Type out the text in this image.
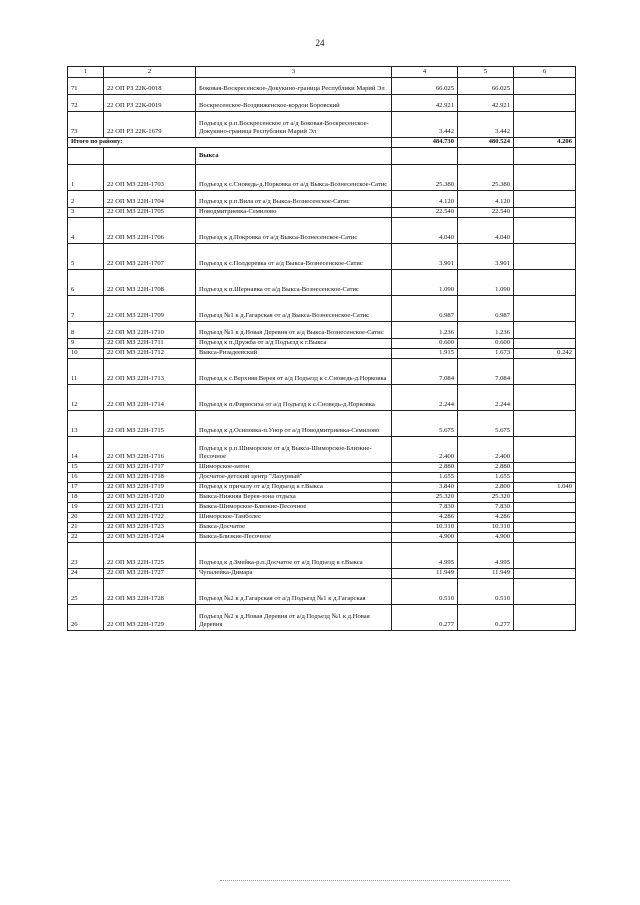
24
1	2	3	4	5	6
71	22 ОП РЗ 22К-0018	Боковая-Воскресенское-Докукино-граница Республики Марий Эл	66.025	66.025	
72	22 ОП РЗ 22К-0019	Воскресенское-Воздвиженское-кордон Боровский	42.921	42.921	
73	22 ОП РЗ 22К-1679	Подъезд к р.п.Воскресенское от а/д Боковая-Воскресенское-Докукино-граница Республики Марий Эл	3.442	3.442	
Итого по району:			484.730	480.524	4.206
		Выкса			
1	22 ОП МЗ 22Н-1703	Подъезд к с.Сноведь-д.Норковка от а/д Выкса-Вознесенское-Сатис	25.380	25.380	
2	22 ОП МЗ 22Н-1704	Подъезд к р.п.Вила от а/д Выкса-Вознесенское-Сатис	4.120	4.120	
3	22 ОП МЗ 22Н-1705	Новодмитриевка-Семилово	22.540	22.540	
4	22 ОП МЗ 22Н-1706	Подъезд к д.Покровка от а/д Выкса-Вознесенское-Сатис	4.040	4.040	
5	22 ОП МЗ 22Н-1707	Подъезд к с.Полдеревка от а/д Выкса-Вознесенское-Сатис	3.901	3.901	
6	22 ОП МЗ 22Н-1708	Подъезд к п.Шернавка от а/д Выкса-Вознесенское-Сатис	1.090	1.090	
7	22 ОП МЗ 22Н-1709	Подъезд №1 к д.Гагарская от а/д Выкса-Вознесенское-Сатис	6.987	6.987	
8	22 ОП МЗ 22Н-1710	Подъезд №1 к д.Новая Деревня от а/д Выкса-Вознесенское-Сатис	1.236	1.236	
9	22 ОП МЗ 22Н-1711	Подъезд к п.Дружба от а/д Подъезд к г.Выкса	0.600	0.600	
10	22 ОП МЗ 22Н-1712	Выкса-Ризадеевский	1.915	1.673	0.242
11	22 ОП МЗ 22Н-1713	Подъезд к с.Верхняя Верея от а/д Подъезд к с.Сноведь-д.Норковка	7.084	7.084	
12	22 ОП МЗ 22Н-1714	Подъезд к п.Фирюсиха от а/д Подъезд к с.Сноведь-д.Норковка	2.244	2.244	
13	22 ОП МЗ 22Н-1715	Подъезд к д.Осиповка-п.Унор от а/д Новодмитриевка-Семилово	5.675	5.675	
14	22 ОП МЗ 22Н-1716	Подъезд к р.п.Шиморское от а/д Выкса-Шиморское-Близкие-Песочное	2.400	2.400	
15	22 ОП МЗ 22Н-1717	Шиморское-затон	2.880	2.880	
16	22 ОП МЗ 22Н-1718	Досчатое-детский центр "Лазурный"	1.655	1.655	
17	22 ОП МЗ 22Н-1719	Подъезд к причалу от а/д Подъезд к г.Выкса	3.840	2.800	1.040
18	22 ОП МЗ 22Н-1720	Выкса-Нижняя Верея-зона отдыха	25.320	25.320	
19	22 ОП МЗ 22Н-1721	Выкса-Шиморское-Близкие-Песочное	7.830	7.830	
20	22 ОП МЗ 22Н-1722	Шиморское-Тамболес	4.286	4.286	
21	22 ОП МЗ 22Н-1723	Выкса-Досчатое	10.310	10.310	
22	22 ОП МЗ 22Н-1724	Выкса-Близкие-Песочное	4.900	4.900	
23	22 ОП МЗ 22Н-1725	Подъезд к д.Змейка-р.п.Досчатое от а/д Подъезд к г.Выкса	4.995	4.995	
24	22 ОП МЗ 22Н-1727	Чупалейка-Димара	11.949	11.949	
25	22 ОП МЗ 22Н-1728	Подъезд №2 к д.Гагарская от а/д Подъезд №1 к д.Гагарская	0.510	0.510	
26	22 ОП МЗ 22Н-1729	Подъезд №2 к д.Новая Деревня от а/д Подъезд №1 к д.Новая Деревня	0.277	0.277	
